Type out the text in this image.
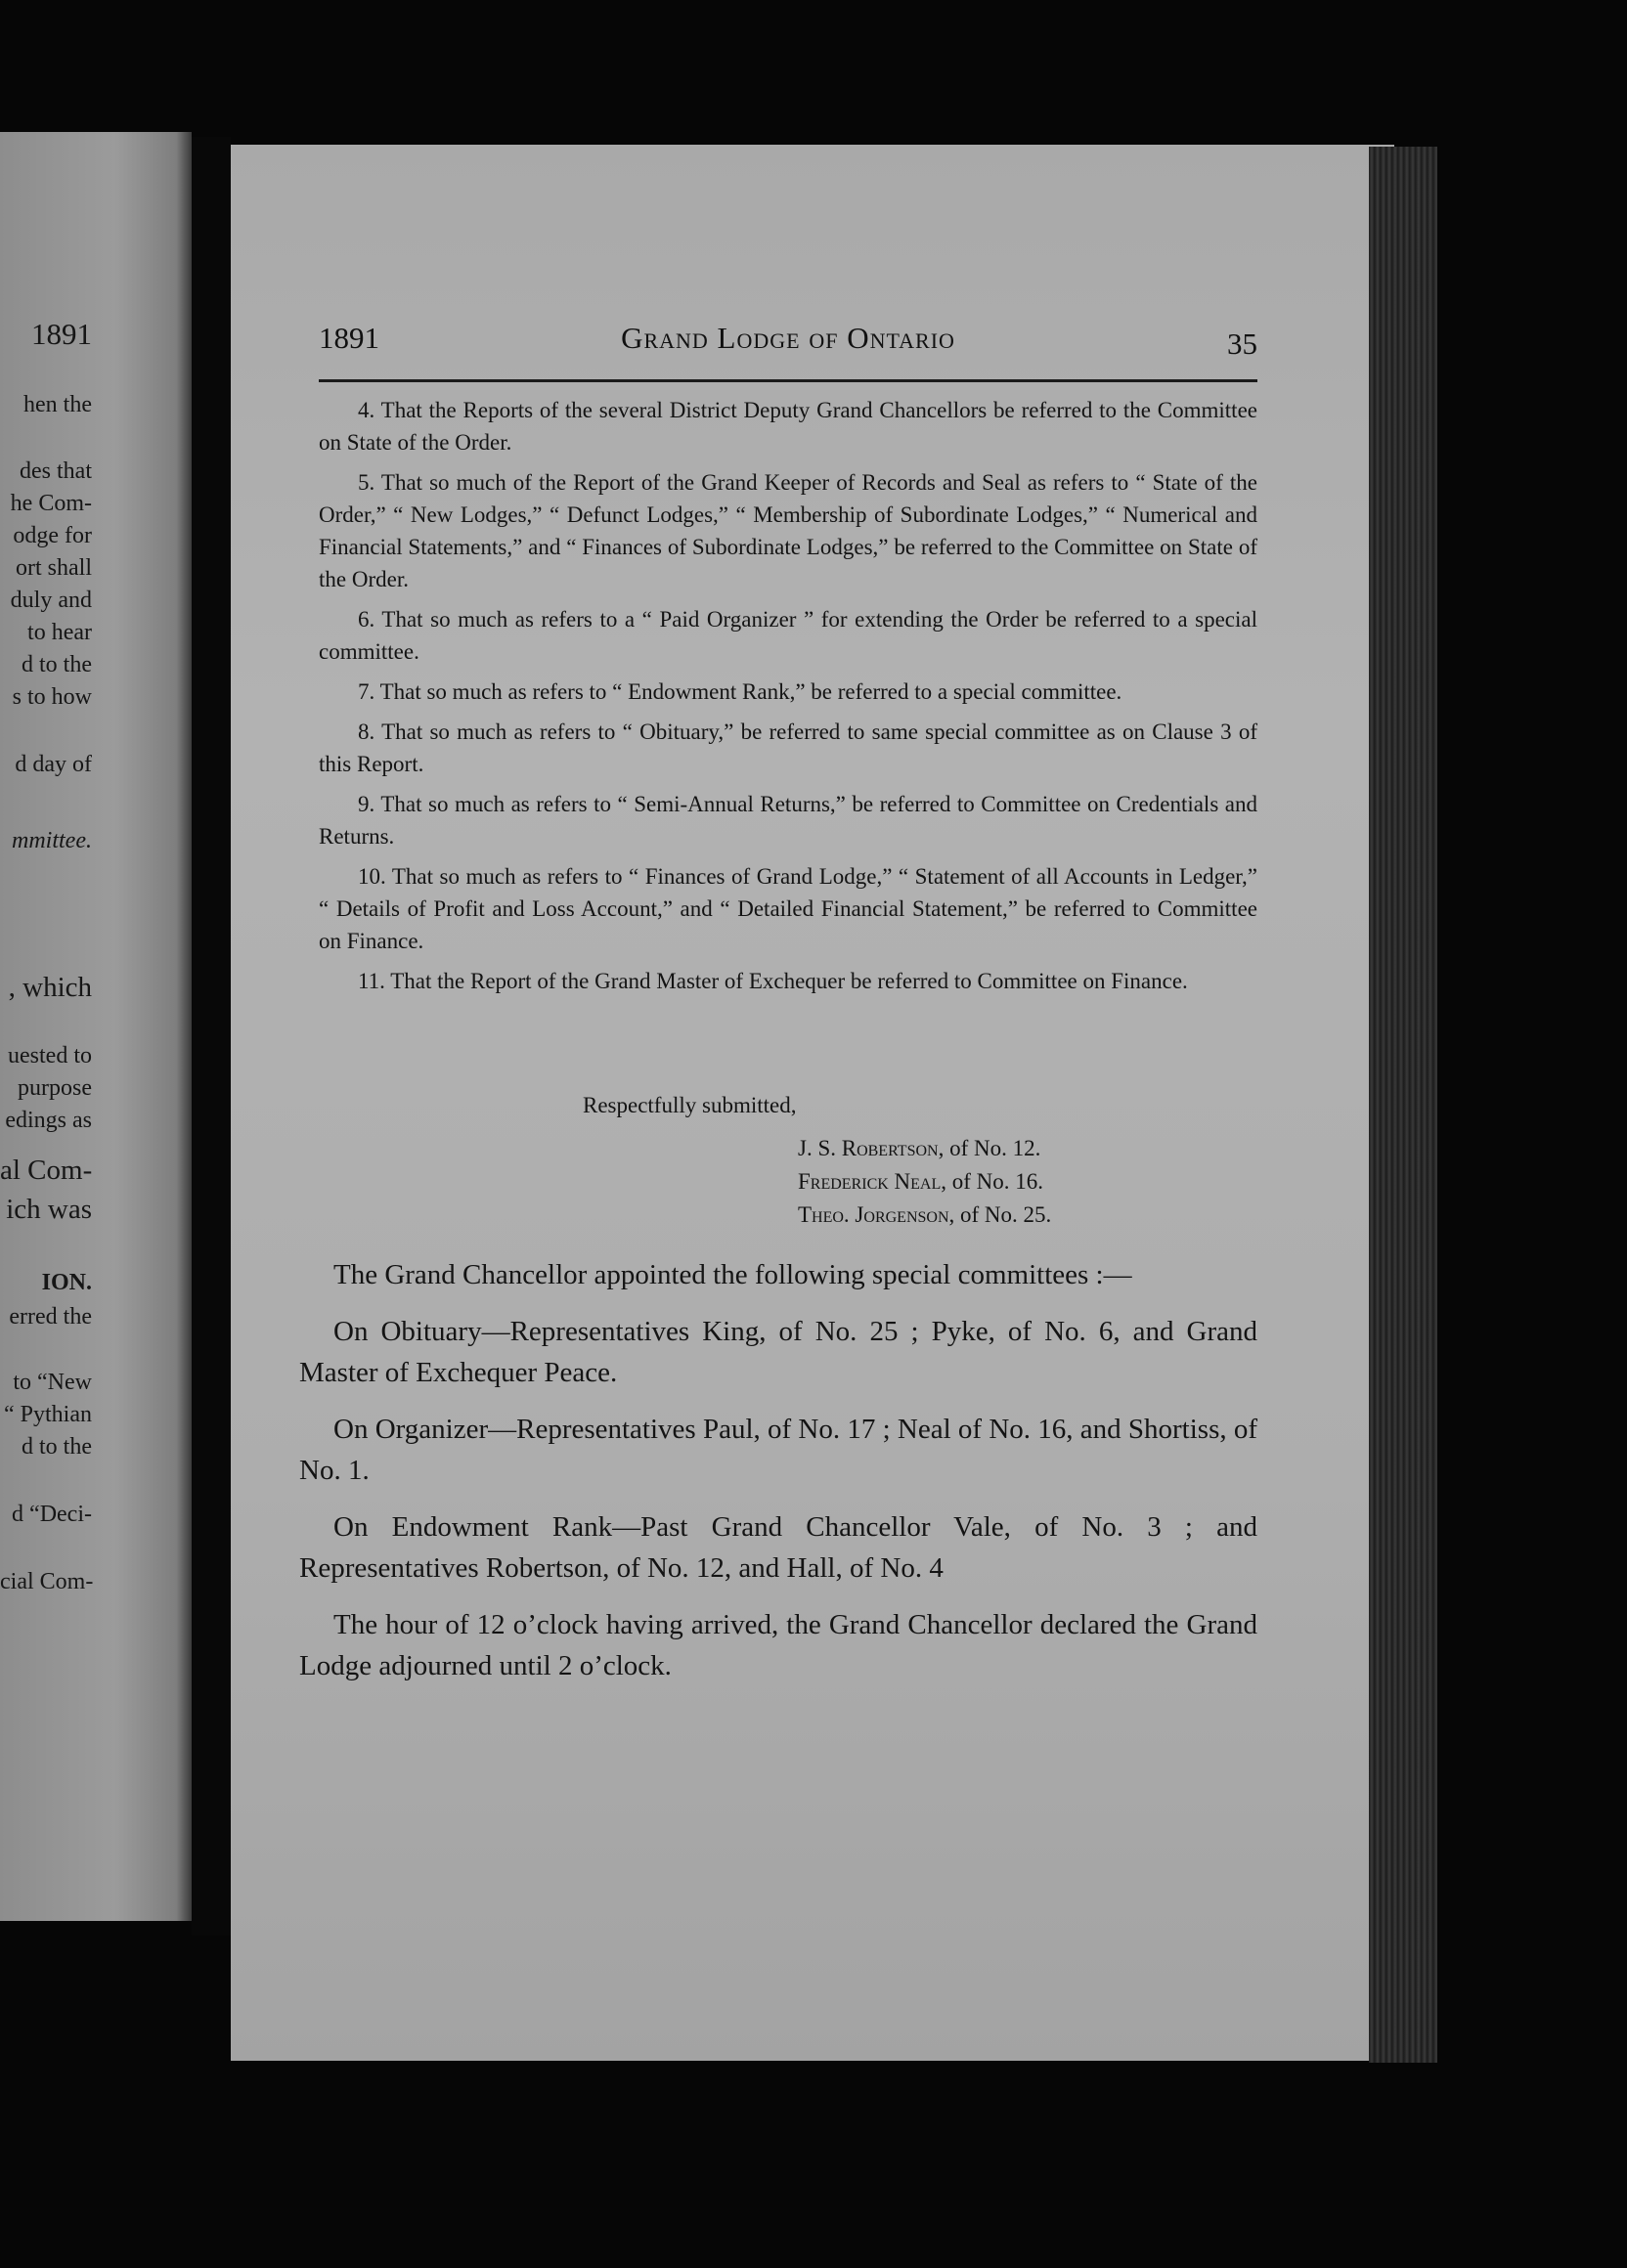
1891
hen the
des that
he Com-
odge for
ort shall
duly and
to hear
d to the
s to how
d day of
mmittee.
, which
uested to
purpose
edings as
al Com-
ich was
ION.
erred the
to “New
“ Pythian
d to the
d “Deci-
cial Com-
1891	Grand Lodge of Ontario	35

4. That the Reports of the several District Deputy Grand Chancellors be referred to the Committee on State of the Order.

5. That so much of the Report of the Grand Keeper of Records and Seal as refers to “ State of the Order,” “ New Lodges,” “ Defunct Lodges,” “ Membership of Subordinate Lodges,” “ Numerical and Financial Statements,” and “ Finances of Subordinate Lodges,” be referred to the Committee on State of the Order.

6. That so much as refers to a “ Paid Organizer ” for extending the Order be referred to a special committee.

7. That so much as refers to “ Endowment Rank,” be referred to a special committee.

8. That so much as refers to “ Obituary,” be referred to same special committee as on Clause 3 of this Report.

9. That so much as refers to “ Semi-Annual Returns,” be referred to Committee on Credentials and Returns.

10. That so much as refers to “ Finances of Grand Lodge,” “ Statement of all Accounts in Ledger,” “ Details of Profit and Loss Account,” and “ Detailed Financial Statement,” be referred to Committee on Finance.

11. That the Report of the Grand Master of Exchequer be referred to Committee on Finance.

Respectfully submitted,
J. S. Robertson, of No. 12.
Frederick Neal, of No. 16.
Theo. Jorgenson, of No. 25.

The Grand Chancellor appointed the following special committees :—

On Obituary—Representatives King, of No. 25 ; Pyke, of No. 6, and Grand Master of Exchequer Peace.

On Organizer—Representatives Paul, of No. 17 ; Neal of No. 16, and Shortiss, of No. 1.

On Endowment Rank—Past Grand Chancellor Vale, of No. 3 ; and Representatives Robertson, of No. 12, and Hall, of No. 4

The hour of 12 o’clock having arrived, the Grand Chancellor declared the Grand Lodge adjourned until 2 o’clock.
